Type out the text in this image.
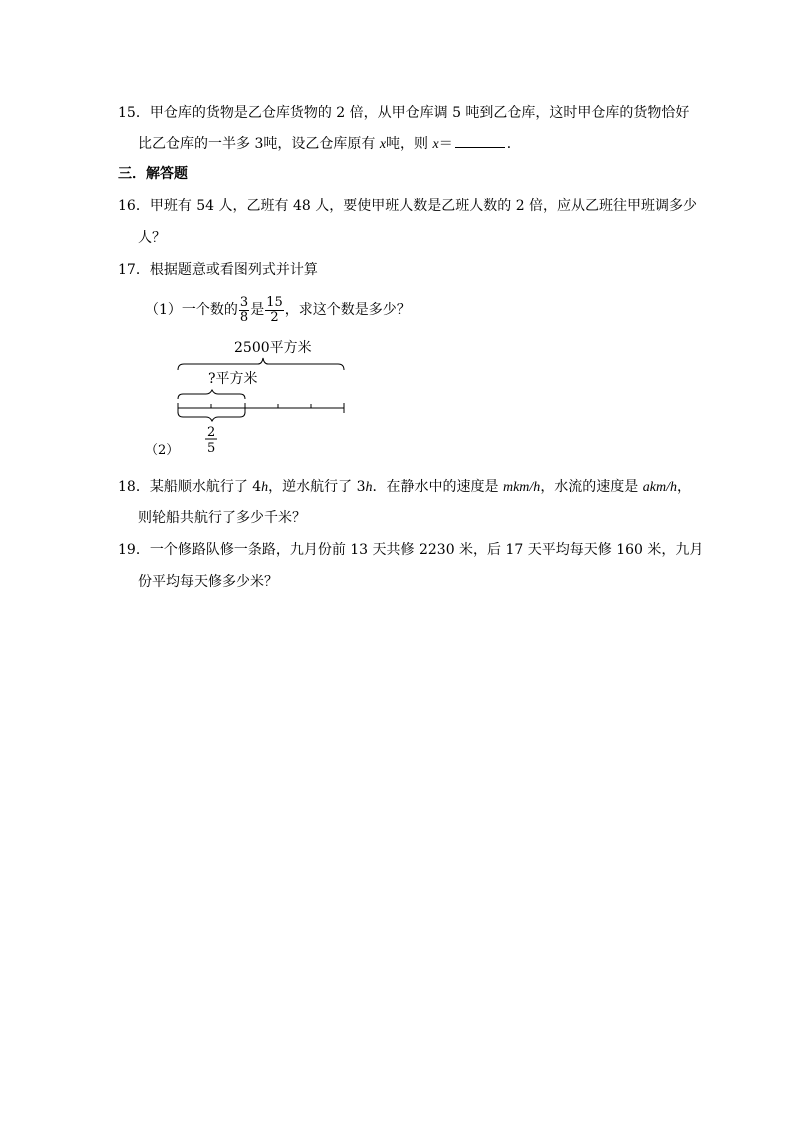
15．甲仓库的货物是乙仓库货物的 2 倍，从甲仓库调 5 吨到乙仓库，这时甲仓库的货物恰好
比乙仓库的一半多 3吨，设乙仓库原有 x吨，则 x＝	．
三．解答题
16．甲班有 54 人，乙班有 48 人，要使甲班人数是乙班人数的 2 倍，应从乙班往甲班调多少
人？
17．根据题意或看图列式并计算
（1）一个数的 $\frac{3}{8}$ 是 $\frac{15}{2}$ ，求这个数是多少？
2500平方米
?平方米
2
5
（2）
18．某船顺水航行了 4h，逆水航行了 3h．在静水中的速度是 mkm/h，水流的速度是 akm/h，
则轮船共航行了多少千米？
19．一个修路队修一条路，九月份前 13 天共修 2230 米，后 17 天平均每天修 160 米，九月
份平均每天修多少米？
